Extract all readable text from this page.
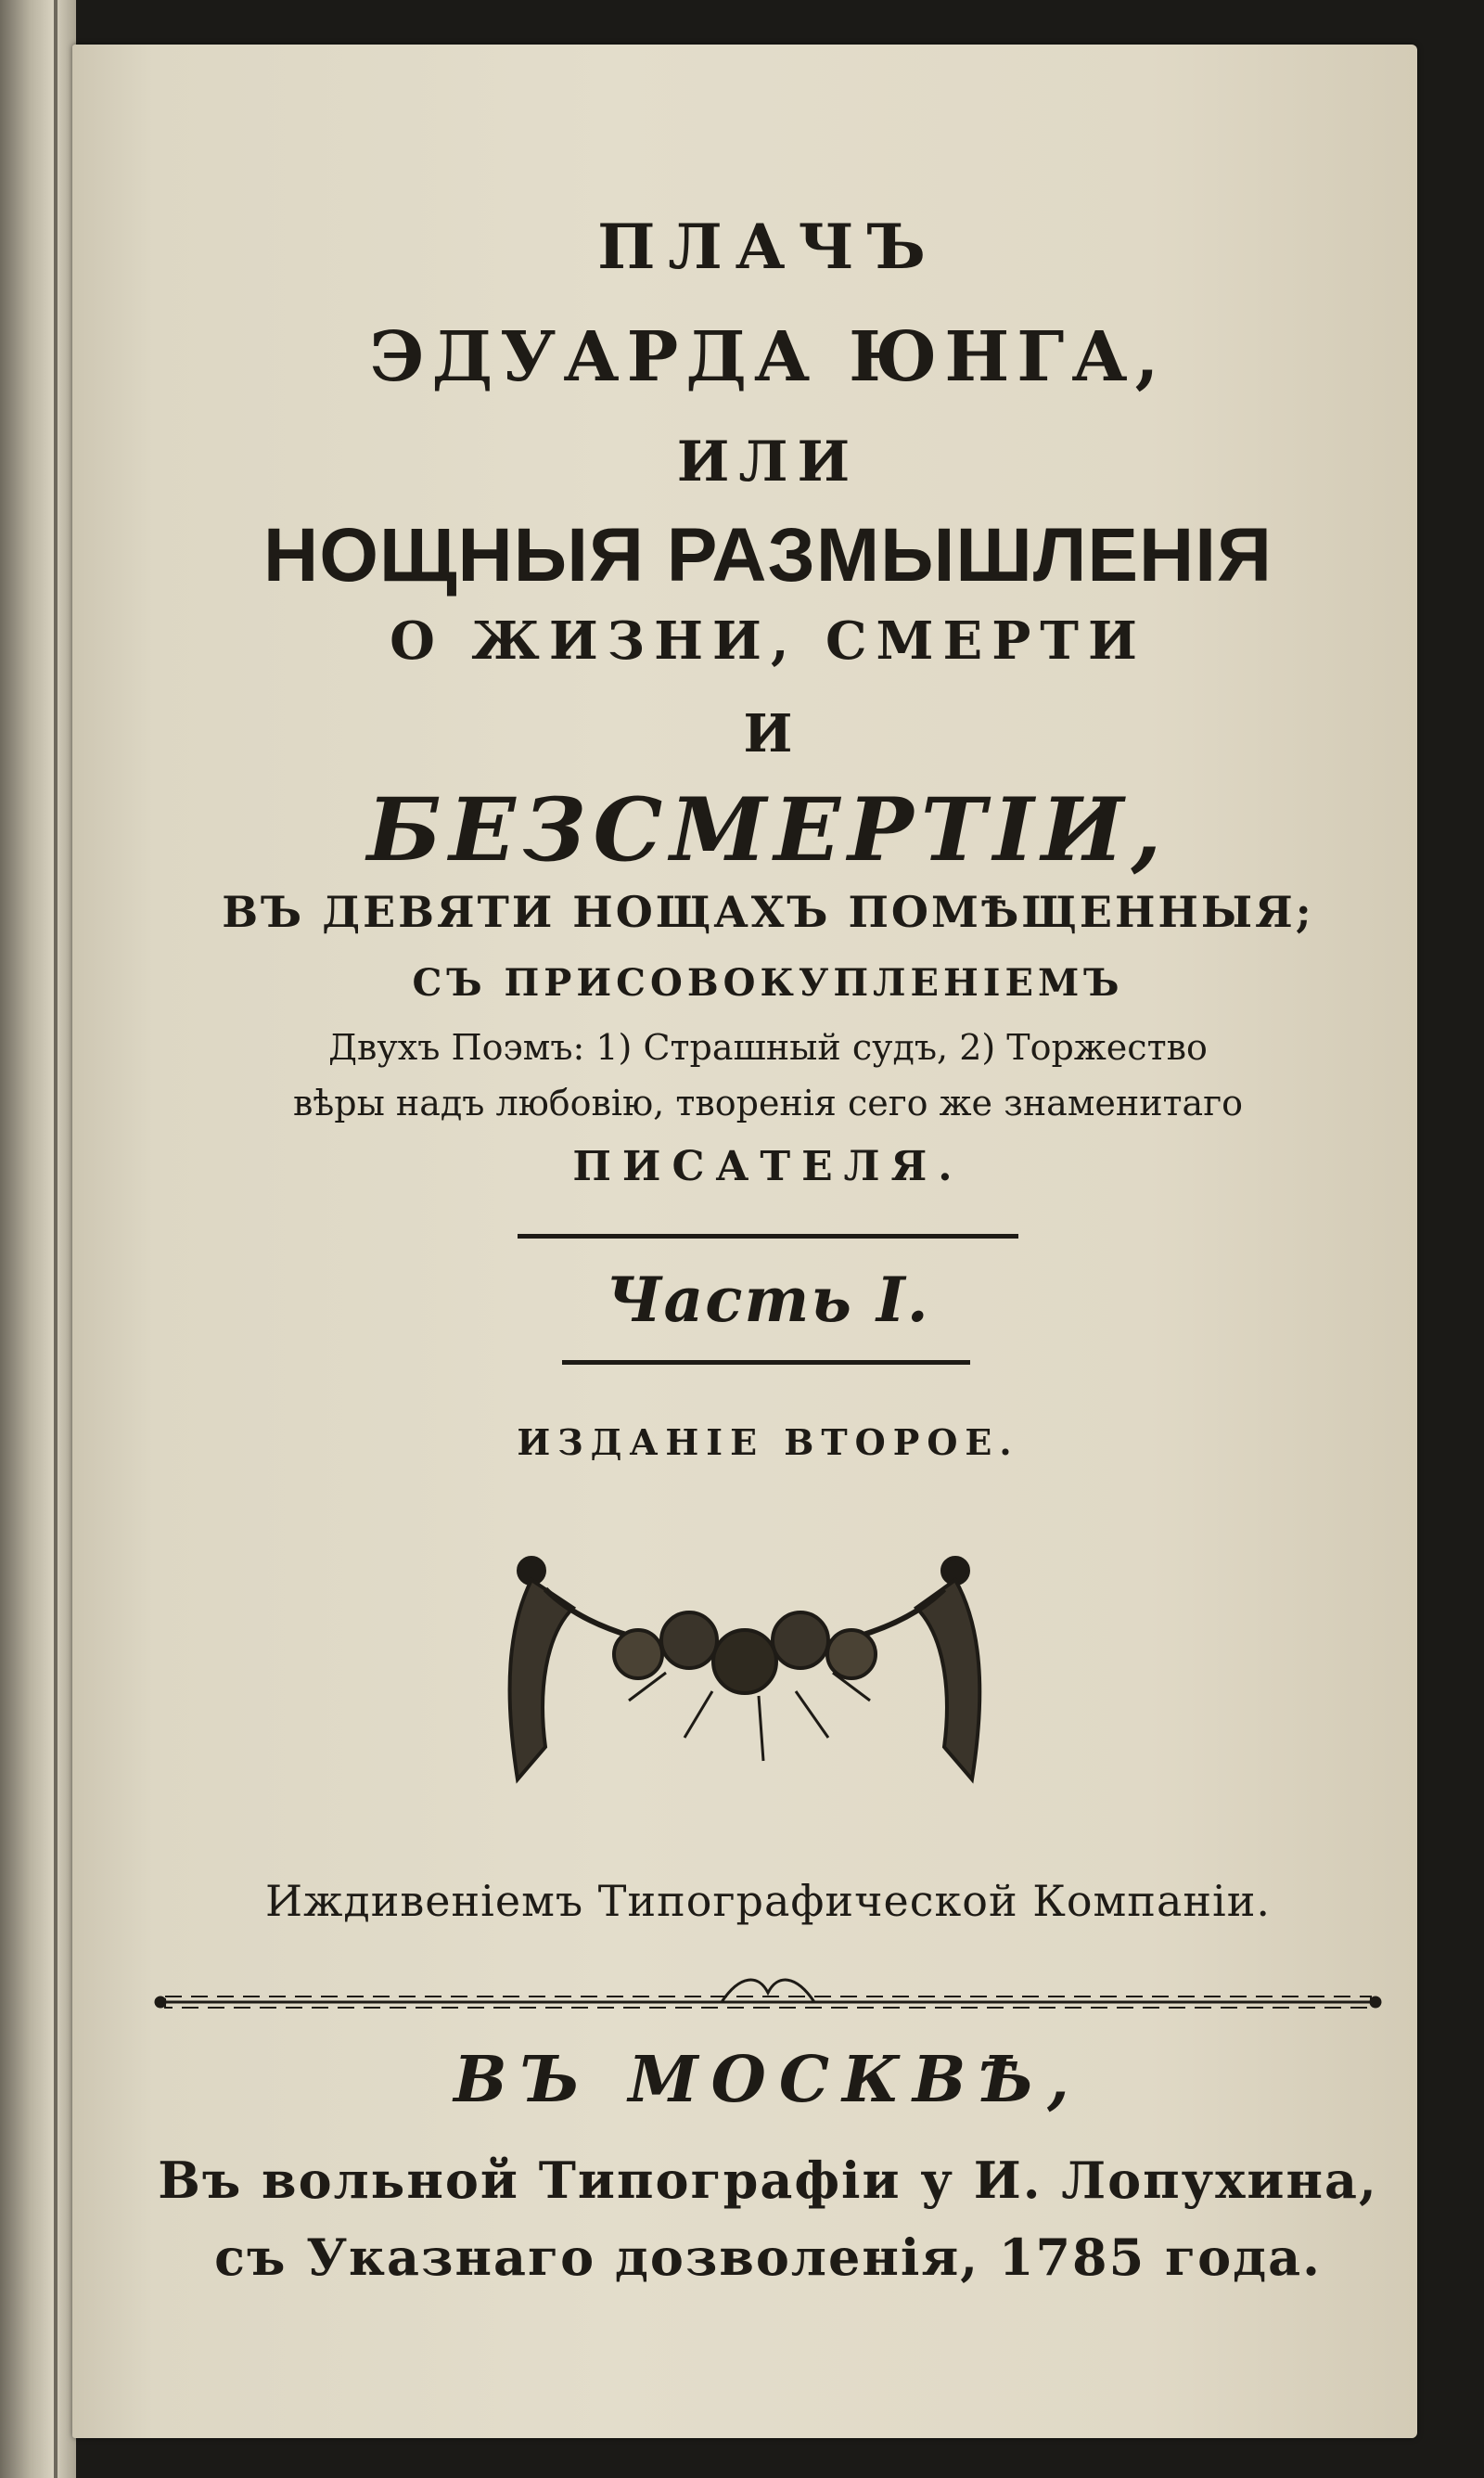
ПЛАЧЪ
ЭДУАРДА ЮНГА,
ИЛИ
НОЩНЫЯ РАЗМЫШЛЕНІЯ
О ЖИЗНИ, СМЕРТИ
И
БЕЗСМЕРТІИ,
ВЪ ДЕВЯТИ НОЩАХЪ ПОМѢЩЕННЫЯ;
СЪ ПРИСОВОКУПЛЕНІЕМЪ
Двухъ Поэмъ: 1) Страшный судъ, 2) Торжество
вѣры надъ любовію, творенія сего же знаменитаго
ПИСАТЕЛЯ.
Часть I.
ИЗДАНІЕ ВТОРОЕ.
Иждивеніемъ Типографической Компаніи.
ВЪ МОСКВѢ,
Въ вольной Типографіи у И. Лопухина,
съ Указнаго дозволенія, 1785 года.
